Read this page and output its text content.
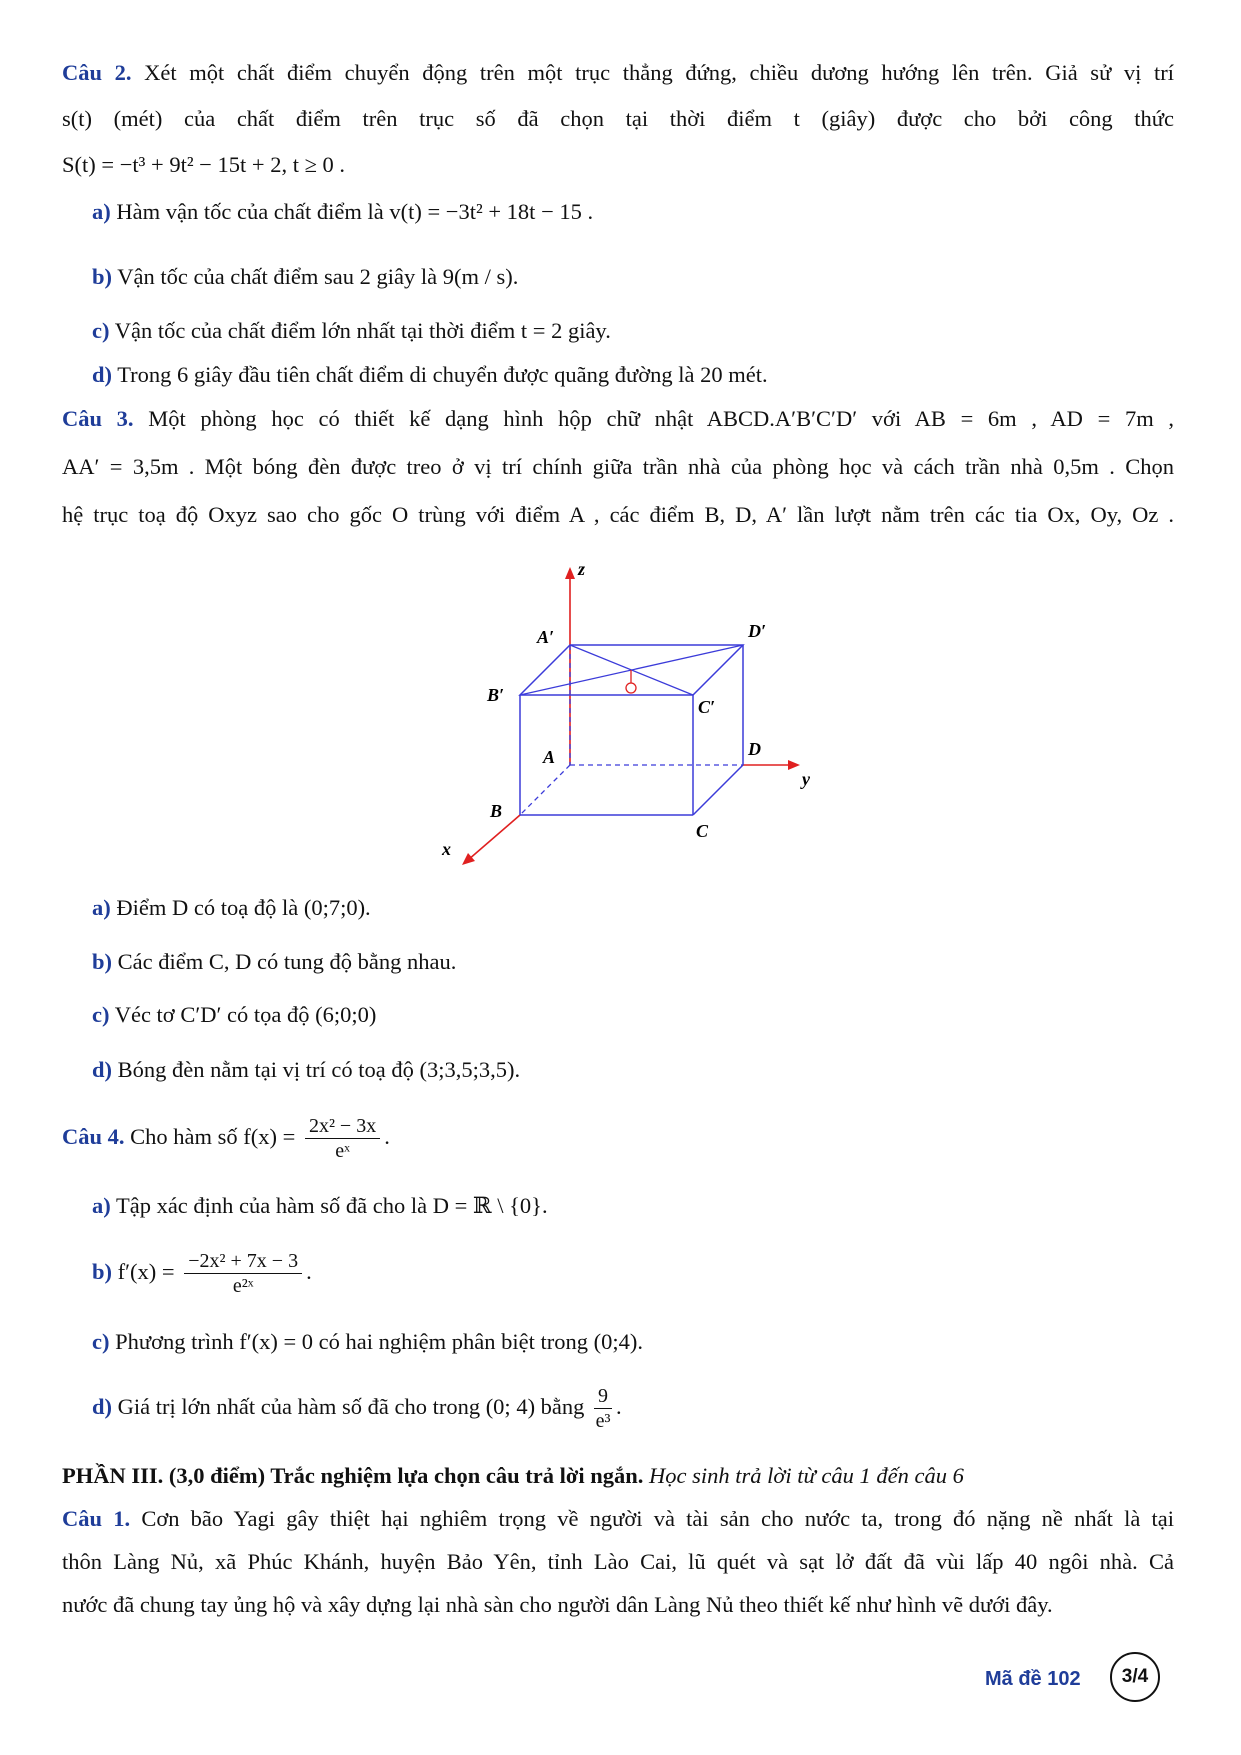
Câu 2. Xét một chất điểm chuyển động trên một trục thẳng đứng, chiều dương hướng lên trên. Giả sử vị trí
s(t) (mét) của chất điểm trên trục số đã chọn tại thời điểm t (giây) được cho bởi công thức
S(t) = −t³ + 9t² − 15t + 2, t ≥ 0 .
a) Hàm vận tốc của chất điểm là v(t) = −3t² + 18t − 15 .
b) Vận tốc của chất điểm sau 2 giây là 9(m / s).
c) Vận tốc của chất điểm lớn nhất tại thời điểm t = 2 giây.
d) Trong 6 giây đầu tiên chất điểm di chuyển được quãng đường là 20 mét.
Câu 3. Một phòng học có thiết kế dạng hình hộp chữ nhật ABCD.A′B′C′D′ với AB = 6m , AD = 7m ,
AA′ = 3,5m . Một bóng đèn được treo ở vị trí chính giữa trần nhà của phòng học và cách trần nhà 0,5m . Chọn
hệ trục toạ độ Oxyz sao cho gốc O trùng với điểm A , các điểm B, D, A′ lần lượt nằm trên các tia Ox, Oy, Oz .
z
y
x
A′	D′
B′
C′
A	D
B
C
a) Điểm D có toạ độ là (0;7;0).
b) Các điểm C, D có tung độ bằng nhau.
c) Véc tơ C′D′ có tọa độ (6;0;0)
d) Bóng đèn nằm tại vị trí có toạ độ (3;3,5;3,5).
Câu 4. Cho hàm số $f(x) = \frac{\text{2x² − 3x}}{\text{eˣ}}$ .
a) Tập xác định của hàm số đã cho là D = ℝ \ {0}.
b) $f'(x) = \frac{\text{−2x² + 7x − 3}}{\text{e²ˣ}}$ .
c) Phương trình f′(x) = 0 có hai nghiệm phân biệt trong (0;4).
d) Giá trị lớn nhất của hàm số đã cho trong (0; 4) bằng $\frac{9}{\text{e³}}$ .
PHẦN III. (3,0 điểm) Trắc nghiệm lựa chọn câu trả lời ngắn. Học sinh trả lời từ câu 1 đến câu 6
Câu 1. Cơn bão Yagi gây thiệt hại nghiêm trọng về người và tài sản cho nước ta, trong đó nặng nề nhất là tại
thôn Làng Nủ, xã Phúc Khánh, huyện Bảo Yên, tỉnh Lào Cai, lũ quét và sạt lở đất đã vùi lấp 40 ngôi nhà. Cả
nước đã chung tay ủng hộ và xây dựng lại nhà sàn cho người dân Làng Nủ theo thiết kế như hình vẽ dưới đây.
Mã đề 102	3/4
